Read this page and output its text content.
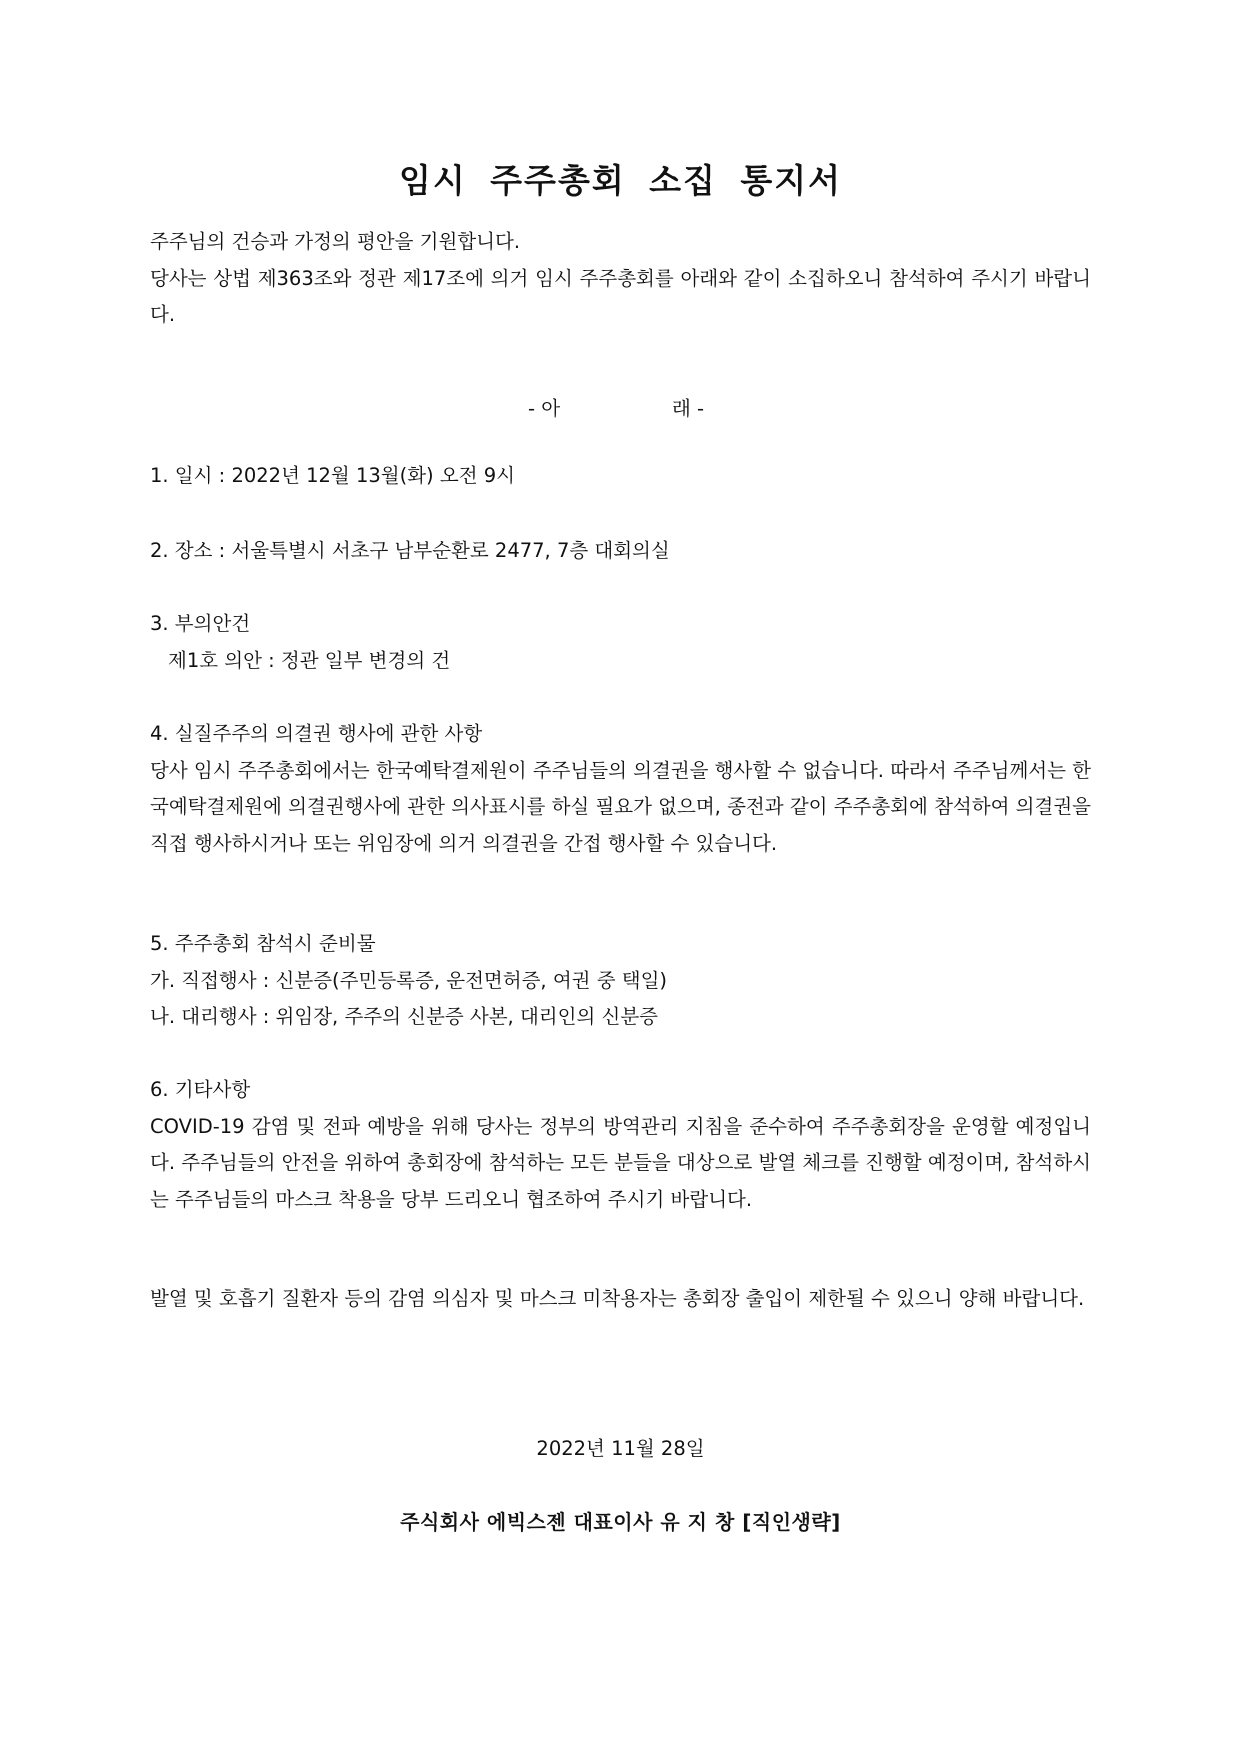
임시 주주총회 소집 통지서
주주님의 건승과 가정의 평안을 기원합니다.
당사는 상법 제363조와 정관 제17조에 의거 임시 주주총회를 아래와 같이 소집하오니 참석하여 주시기 바랍니다.
- 아	래 -
1. 일시 : 2022년 12월 13월(화) 오전 9시
2. 장소 : 서울특별시 서초구 남부순환로 2477, 7층 대회의실
3. 부의안건
제1호 의안 : 정관 일부 변경의 건
4. 실질주주의 의결권 행사에 관한 사항
당사 임시 주주총회에서는 한국예탁결제원이 주주님들의 의결권을 행사할 수 없습니다. 따라서 주주님께서는 한국예탁결제원에 의결권행사에 관한 의사표시를 하실 필요가 없으며, 종전과 같이 주주총회에 참석하여 의결권을 직접 행사하시거나 또는 위임장에 의거 의결권을 간접 행사할 수 있습니다.
5. 주주총회 참석시 준비물
가. 직접행사 : 신분증(주민등록증, 운전면허증, 여권 중 택일)
나. 대리행사 : 위임장, 주주의 신분증 사본, 대리인의 신분증
6. 기타사항
COVID-19 감염 및 전파 예방을 위해 당사는 정부의 방역관리 지침을 준수하여 주주총회장을 운영할 예정입니다. 주주님들의 안전을 위하여 총회장에 참석하는 모든 분들을 대상으로 발열 체크를 진행할 예정이며, 참석하시는 주주님들의 마스크 착용을 당부 드리오니 협조하여 주시기 바랍니다.
발열 및 호흡기 질환자 등의 감염 의심자 및 마스크 미착용자는 총회장 출입이 제한될 수 있으니 양해 바랍니다.
2022년 11월 28일
주식회사 에빅스젠 대표이사 유 지 창 [직인생략]
